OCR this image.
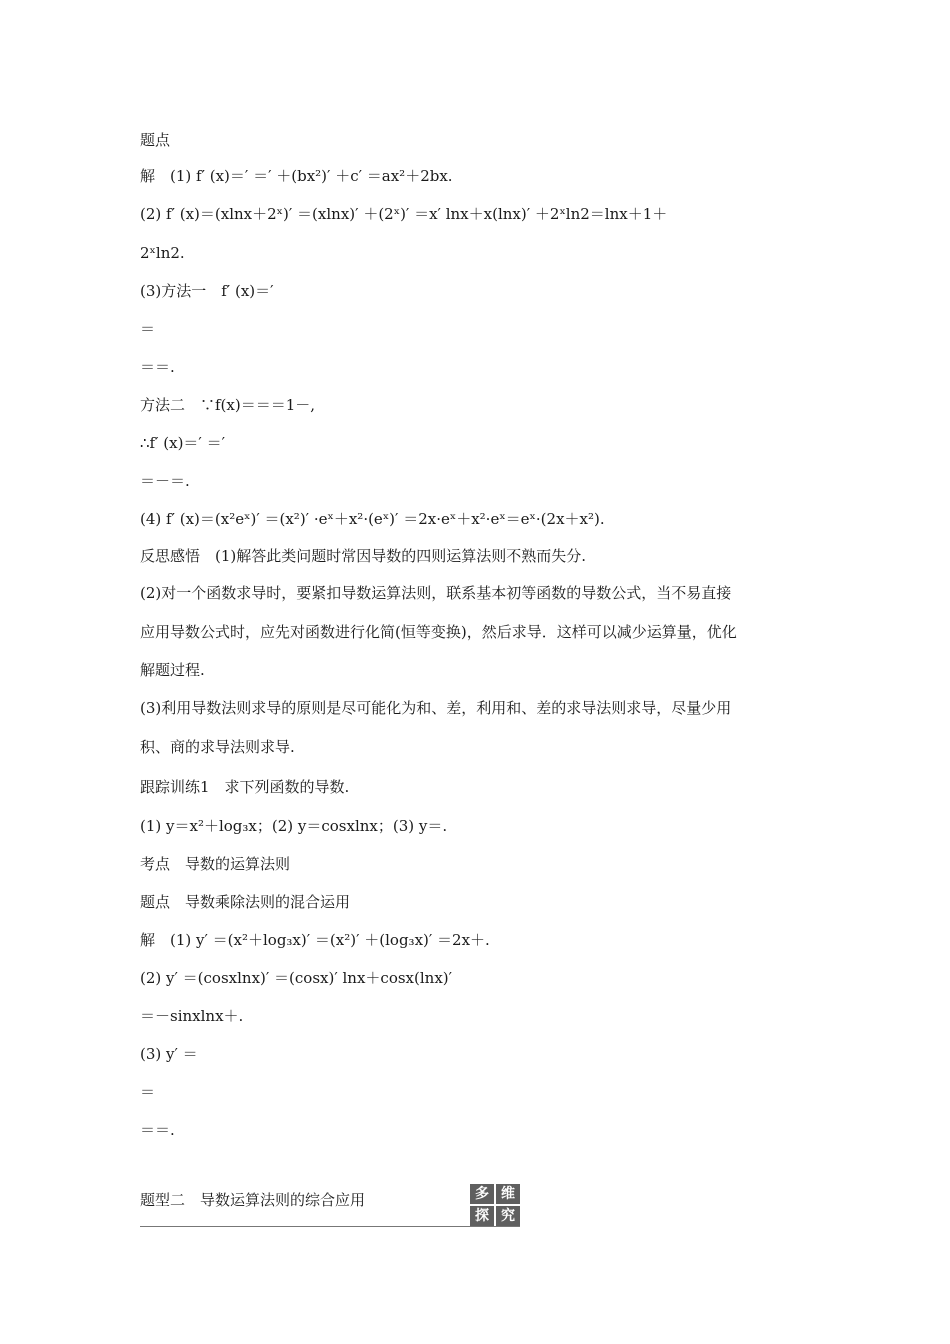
题点
解　(1) f′ (x)＝′ ＝′ ＋(bx²)′ ＋c′ ＝ax²＋2bx.
(2) f′ (x)＝(xlnx＋2ˣ)′ ＝(xlnx)′ ＋(2ˣ)′ ＝x′ lnx＋x(lnx)′ ＋2ˣln2＝lnx＋1＋
2ˣln2.
(3)方法一　f′ (x)＝′
＝
＝＝.
方法二　∵f(x)＝＝＝1－,
∴f′ (x)＝′ ＝′
＝－＝.
(4) f′ (x)＝(x²eˣ)′ ＝(x²)′ ·eˣ＋x²·(eˣ)′ ＝2x·eˣ＋x²·eˣ＝eˣ·(2x＋x²).
反思感悟　(1)解答此类问题时常因导数的四则运算法则不熟而失分.
(2)对一个函数求导时，要紧扣导数运算法则，联系基本初等函数的导数公式，当不易直接
应用导数公式时，应先对函数进行化简(恒等变换)，然后求导．这样可以减少运算量，优化
解题过程.
(3)利用导数法则求导的原则是尽可能化为和、差，利用和、差的求导法则求导，尽量少用
积、商的求导法则求导.
跟踪训练1　求下列函数的导数.
(1) y＝x²＋log₃x；(2) y＝cosxlnx；(3) y＝.
考点　导数的运算法则
题点　导数乘除法则的混合运用
解　(1) y′ ＝(x²＋log₃x)′ ＝(x²)′ ＋(log₃x)′ ＝2x＋.
(2) y′ ＝(cosxlnx)′ ＝(cosx)′ lnx＋cosx(lnx)′
＝－sinxlnx＋.
(3) y′ ＝
＝
＝＝.
题型二　导数运算法则的综合应用	多 维
探 究
